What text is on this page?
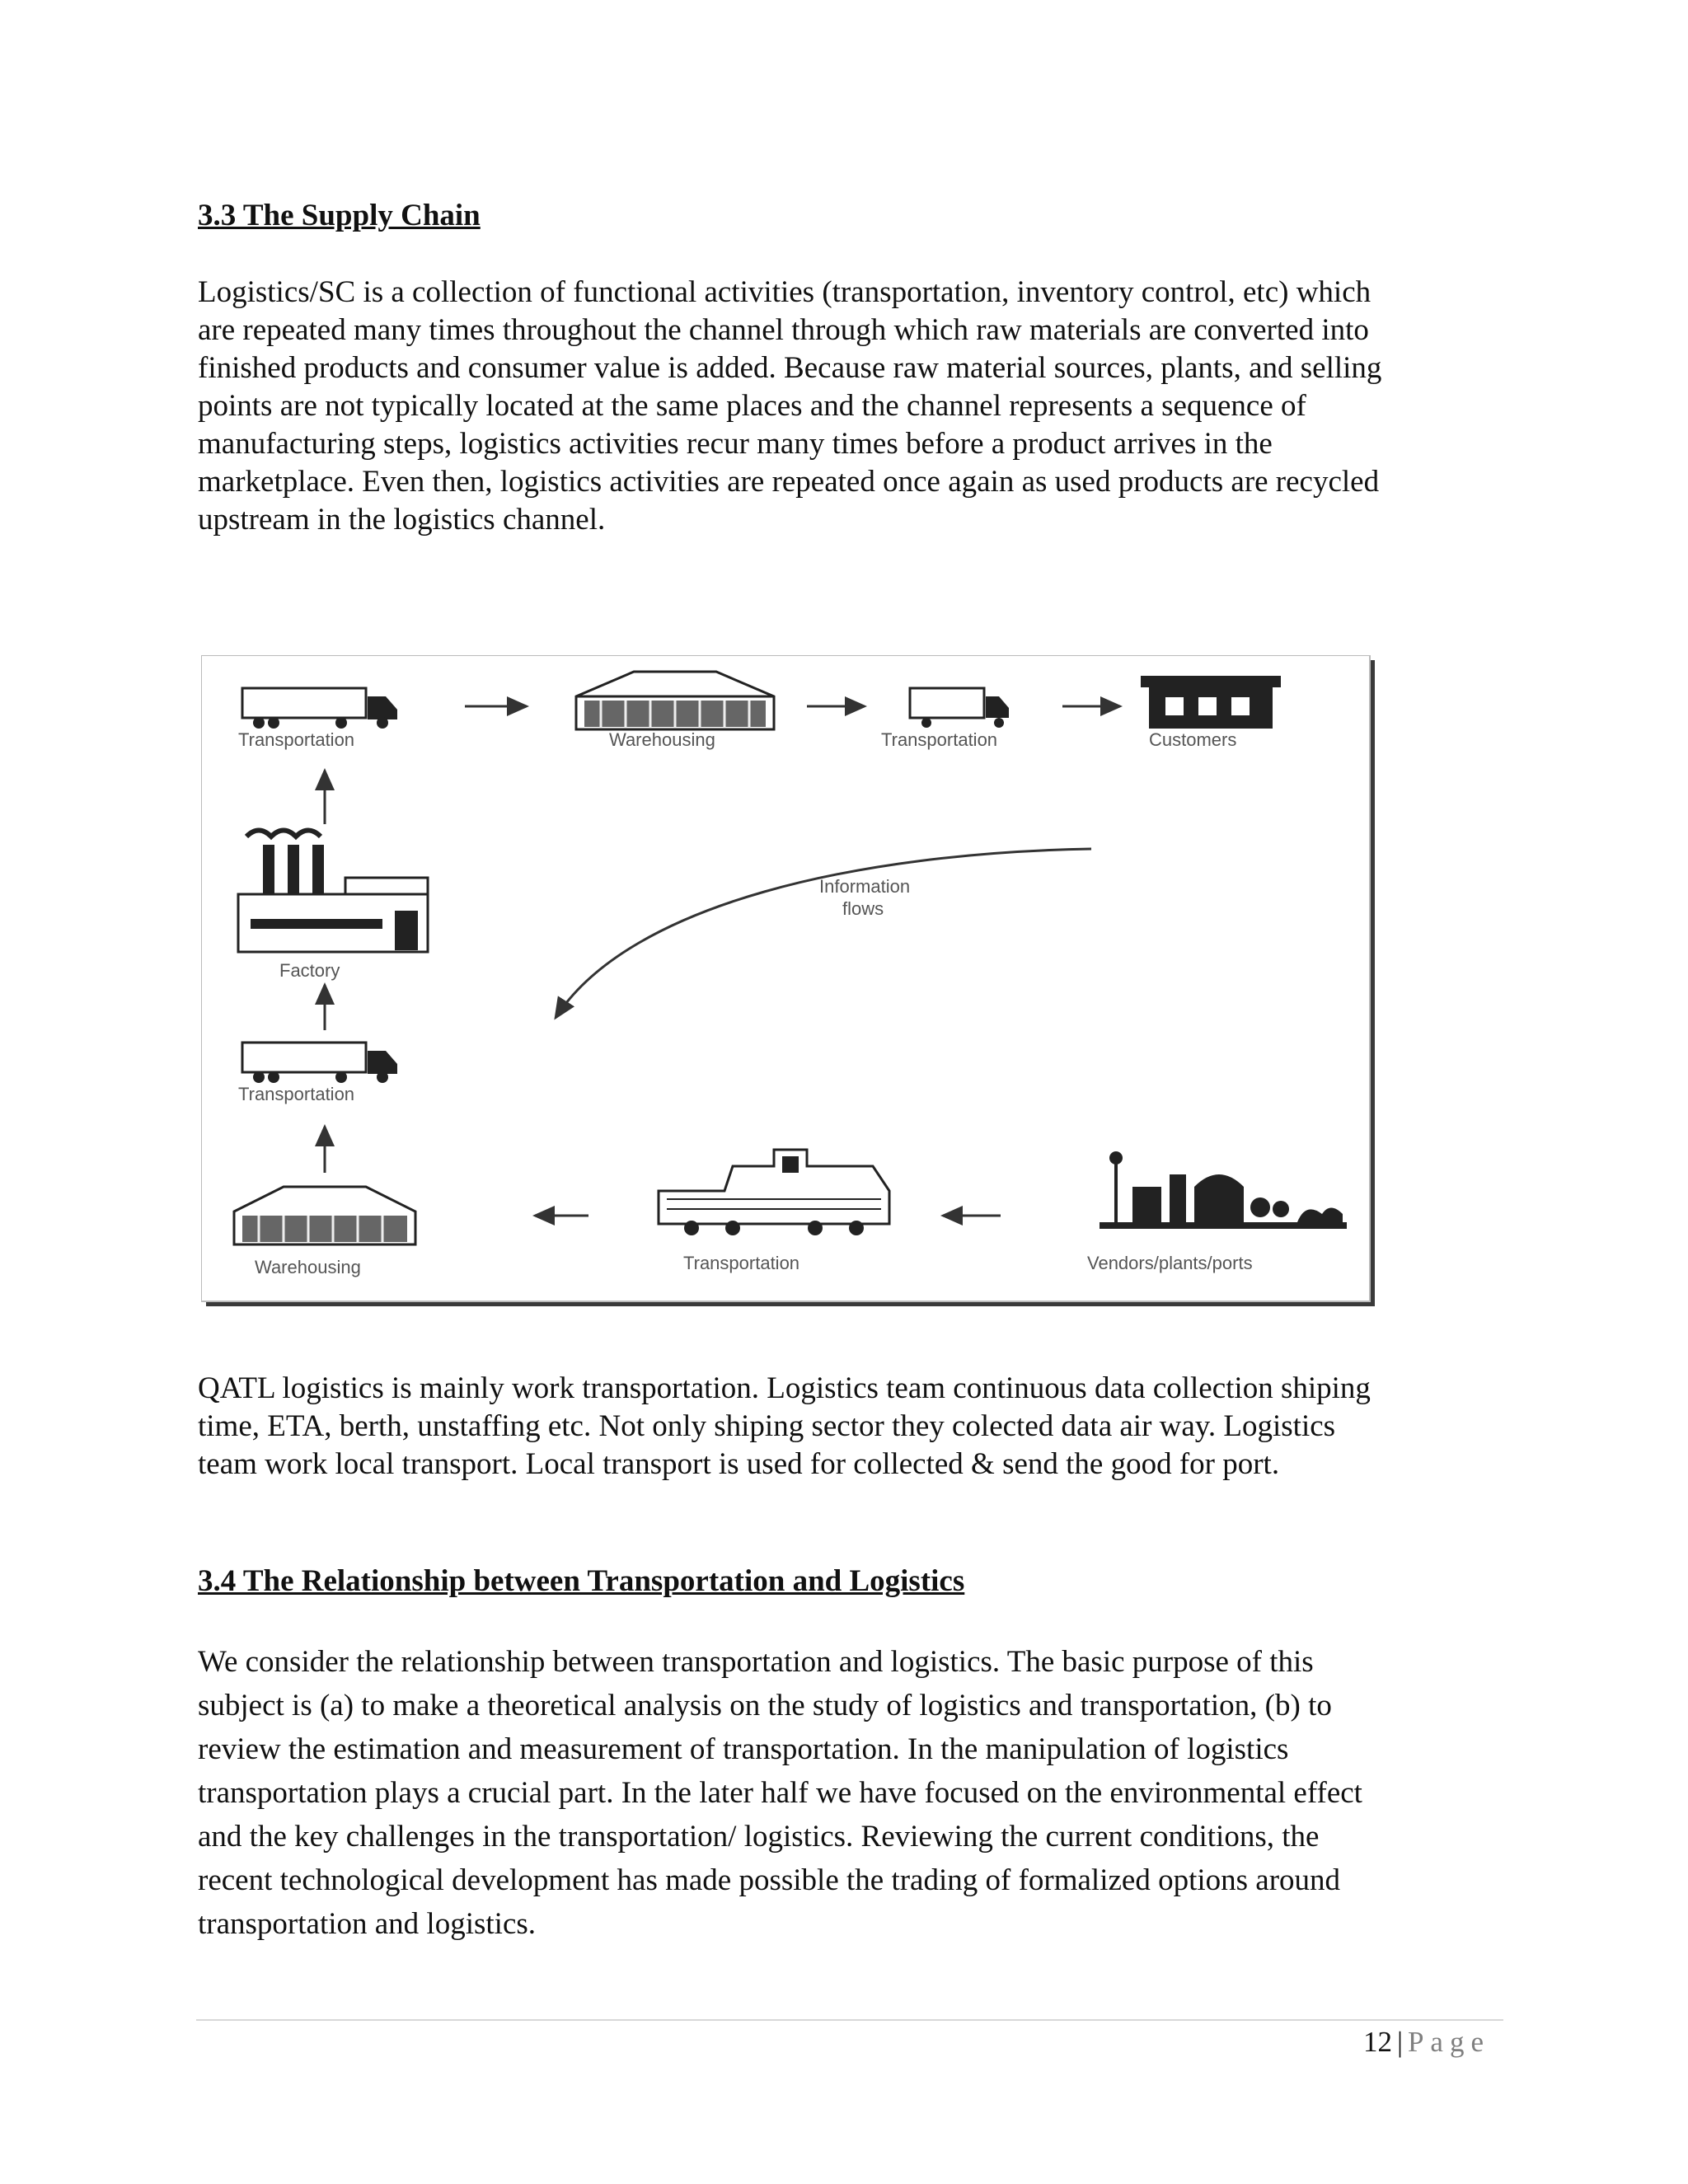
3.3 The Supply Chain

Logistics/SC is a collection of functional activities (transportation, inventory control, etc) which

are repeated many times throughout the channel through which raw materials are converted into

finished products and consumer value is added. Because raw material sources, plants, and selling

points are not typically located at the same places and the channel represents a sequence of

manufacturing steps, logistics activities recur many times before a product arrives in the

marketplace. Even then, logistics activities are repeated once again as used products are recycled

upstream in the logistics channel.

Transportation	Warehousing	Transportation	Customers
Factory
Information
flows
Transportation
Warehousing	Transportation	Vendors/plants/ports

QATL logistics is mainly work transportation. Logistics team continuous data collection shiping

time, ETA, berth, unstaffing etc. Not only shiping sector they colected data air way. Logistics

team work local transport. Local transport is used for collected & send the good for port.

3.4 The Relationship between Transportation and Logistics

We consider the relationship between transportation and logistics. The basic purpose of this

subject is (a) to make a theoretical analysis on the study of logistics and transportation, (b) to

review the estimation and measurement of transportation. In the manipulation of logistics

transportation plays a crucial part. In the later half we have focused on the environmental effect

and the key challenges in the transportation/ logistics. Reviewing the current conditions, the

recent technological development has made possible the trading of formalized options around

transportation and logistics.

12 | Page
